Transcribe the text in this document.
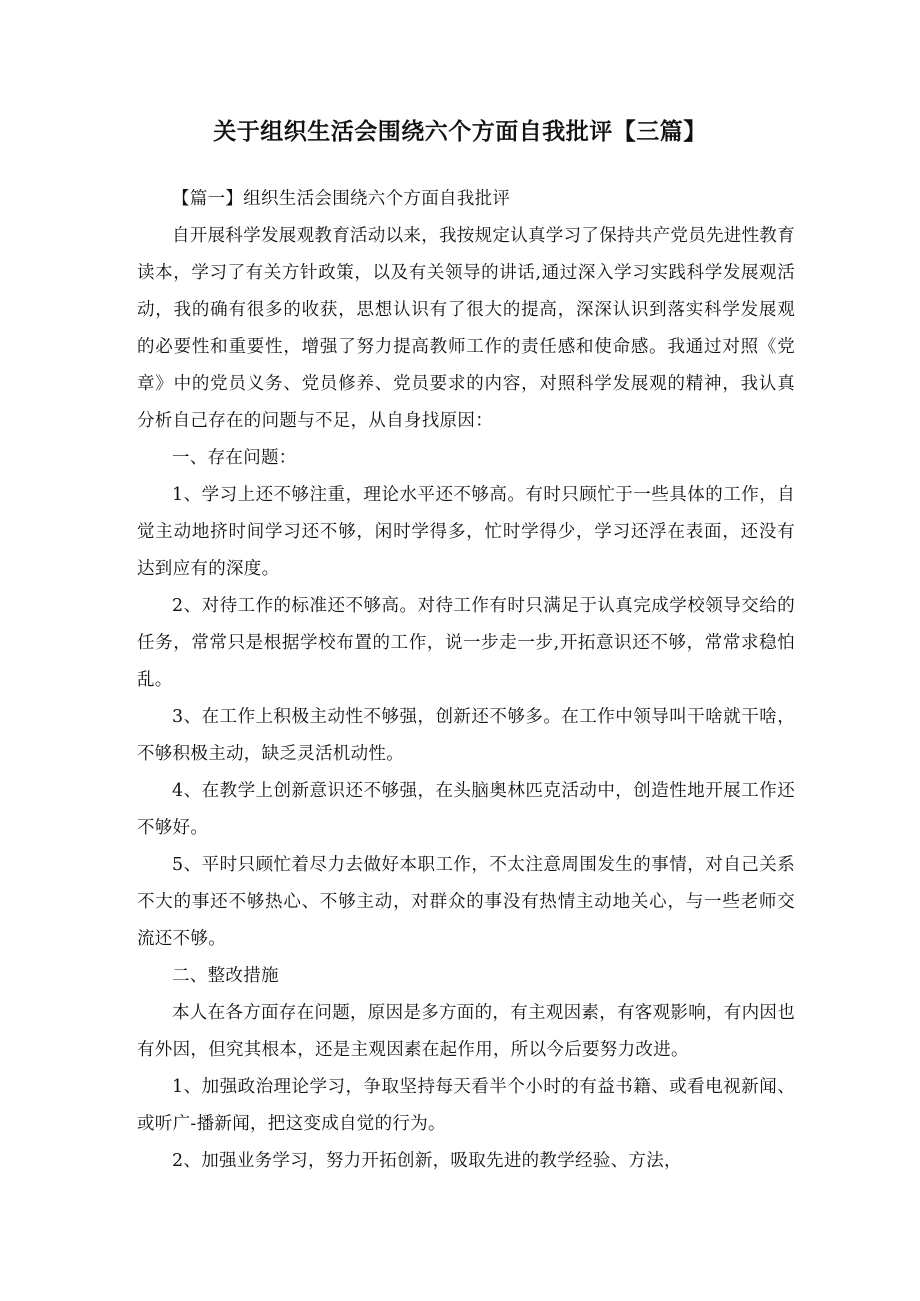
关于组织生活会围绕六个方面自我批评【三篇】

【篇一】组织生活会围绕六个方面自我批评

自开展科学发展观教育活动以来，我按规定认真学习了保持共产党员先进性教育读本，学习了有关方针政策，以及有关领导的讲话,通过深入学习实践科学发展观活动，我的确有很多的收获，思想认识有了很大的提高，深深认识到落实科学发展观的必要性和重要性，增强了努力提高教师工作的责任感和使命感。我通过对照《党章》中的党员义务、党员修养、党员要求的内容，对照科学发展观的精神，我认真分析自己存在的问题与不足，从自身找原因：

一、存在问题：

1、学习上还不够注重，理论水平还不够高。有时只顾忙于一些具体的工作，自觉主动地挤时间学习还不够，闲时学得多，忙时学得少，学习还浮在表面，还没有达到应有的深度。

2、对待工作的标准还不够高。对待工作有时只满足于认真完成学校领导交给的任务，常常只是根据学校布置的工作，说一步走一步,开拓意识还不够，常常求稳怕乱。

3、在工作上积极主动性不够强，创新还不够多。在工作中领导叫干啥就干啥，不够积极主动，缺乏灵活机动性。

4、在教学上创新意识还不够强，在头脑奥林匹克活动中，创造性地开展工作还不够好。

5、平时只顾忙着尽力去做好本职工作，不太注意周围发生的事情，对自己关系不大的事还不够热心、不够主动，对群众的事没有热情主动地关心，与一些老师交流还不够。

二、整改措施

本人在各方面存在问题，原因是多方面的，有主观因素，有客观影响，有内因也有外因，但究其根本，还是主观因素在起作用，所以今后要努力改进。

1、加强政治理论学习，争取坚持每天看半个小时的有益书籍、或看电视新闻、或听广-播新闻，把这变成自觉的行为。

2、加强业务学习，努力开拓创新，吸取先进的教学经验、方法，
